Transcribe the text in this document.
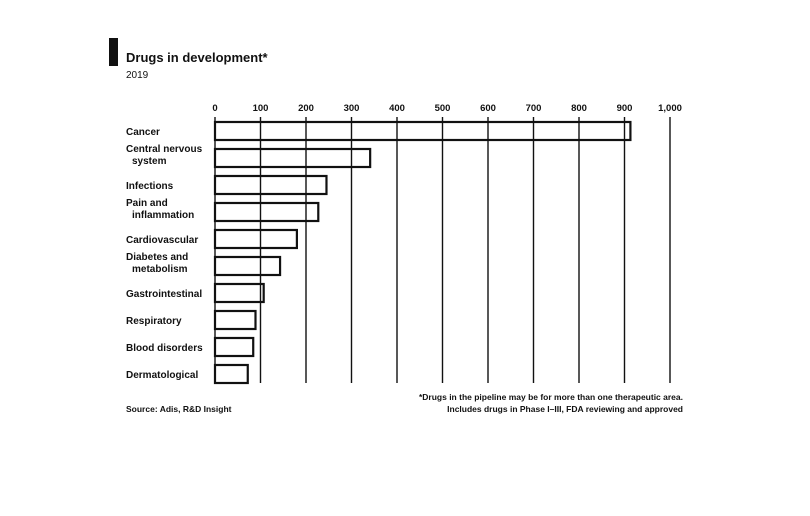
Drugs in development*
2019
0	100	200	300	400	500	600	700	800	900	1,000
Cancer
Central nervous system
Infections
Pain and inflammation
Cardiovascular
Diabetes and metabolism
Gastrointestinal
Respiratory
Blood disorders
Dermatological
Source: Adis, R&D Insight
*Drugs in the pipeline may be for more than one therapeutic area.
Includes drugs in Phase I–III, FDA reviewing and approved
